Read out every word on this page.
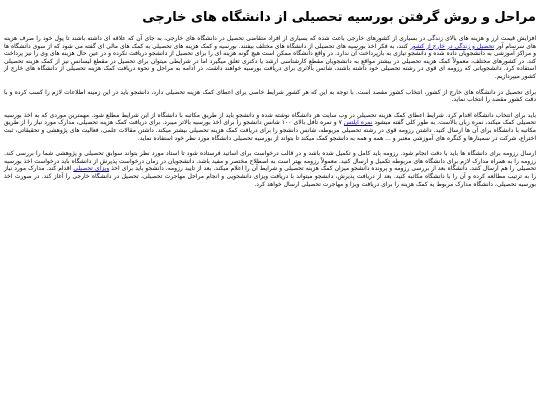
مراحل و روش گرفتن بورسیه تحصیلی از دانشگاه های خارجی

افزایش قیمت ارز و هزینه های بالای زندگی در بسیاری از کشورهای خارجی باعث شده که بسیاری از افراد متقاضی تحصیل در دانشگاه های خارجی، به جای آن که علاقه ای داشته باشند تا پول خود را صرف هزینه های سرسام آور تحصیل و زندگی در خارج از کشور کنند، به فکر اخذ بورسیه های تحصیلی از دانشگاه های مختلف بیفتند. بورسیه و کمک هزینه های تحصیلی به کمک های مالی ای گفته می شود که از سوی دانشگاه ها و مراکز آموزشی به دانشجویان داده شده و دانشجو نیازی به بازپرداخت آن ندارد. در واقع دانشگاه ممکن است هیچ گونه هزینه ای را برای تحصیل از دانشجو دریافت نکرده و در عین حال هزینه های وی را نیز پرداخت کند. در کشورهای مختلف، معمولاً کمک هزینه تحصیلی در بیشتر مواقع به دانشجویان مقطع کارشناسی ارشد یا دکتری تعلق میگیرد اما در شرایطی میتوان برای تحصیل در مقطع لیسانس نیز از کمک هزینه تحصیلی استفاده کرد. دانشجویانی که رزومه ای قوی در رشته تحصیلی خود داشته باشند، شانس بالاتری برای دریافت بورسیه خواهند داشت. در ادامه به مراحل و نحوه دریافت کمک هزینه تحصیلی از دانشگاه های خارج از کشور میپردازیم.

برای تحصیل در دانشگاه های خارج از کشور، انتخاب کشور مقصد است. با توجه به این که هر کشور شرایط خاصی برای اعطای کمک هزینه تحصیلی دارد، دانشجو باید در این زمینه اطلاعات لازم را کسب کرده و با دقت کشور مقصد را انتخاب نماید.

باید برای انتخاب دانشگاه اقدام کرد. شرایط اعطای کمک هزینه تحصیلی در وب سایت هر دانشگاه نوشته شده و دانشجو باید از طریق مکاتبه با دانشگاه از این شرایط مطلع شود. مهمترین موردی که به اخذ بورسیه تحصیلی کمک میکند، نمره زبان بالاست. به طور کلی گفته میشود نمره آیلتس ۷ و نمره تافل بالای ۱۰۰ شانس دانشجو را برای اخذ بورسیه بالاتر میبرد. برای دریافت کمک هزینه تحصیلی، مدارک مورد نیاز را از طریق مکاتبه با دانشگاه برای آن ها ارسال کنید. داشتن رزومه قوی در رشته تحصیلی مربوطه، شانس دانشجو را برای دریافت کمک هزینه تحصیلی بیشتر میکند. داشتن مقالات علمی، فعالیت های پژوهشی و تحقیقاتی، ثبت اختراع، شرکت در سمینارها و کنگره های آموزشی معتبر و ... همه و همه به دانشجو کمک میکند تا بتواند از بورسیه تحصیلی دانشگاه مورد نظر خود استفاده نماید.

ارسال رزومه برای دانشگاه ها باید با دقت انجام شود. رزومه باید کامل و تکمیل شده باشد و در قالب درخواست برای اساتید فرستاده شود تا استاد مورد نظر بتواند سوابق تحصیلی و پژوهشی شما را بررسی کند. رزومه را به همراه مدارک لازم برای دانشگاه های مربوطه تکمیل و ارسال کنید. معمولاً رزومه بهتر است به اصطلاح مختصر و مفید باشد. دانشجویان در زمان درخواست پذیرش از دانشگاه باید درخواست اخذ بورسیه تحصیلی را هم ارسال کنند. دانشگاه بعد از بررسی رزومه و پرونده دانشجو میزان کمک هزینه تحصیلی و شرایط آن را اعلام میکند. بعد از تایید رزومه، دانشجو باید برای اخذ ویزای تحصیلی اقدام کند. مدارک مورد نیاز را به ترتیب مطالعه کرده و آن را با دانشگاه مکاتبه کنید. بعد از دریافت پذیرش، دانشجو میتواند با دریافت ویزای دانشجویی و انجام مراحل مهاجرت تحصیلی، تحصیل در دانشگاه خارجی را آغاز کند. در صورت اخذ بورسیه تحصیلی، دانشگاه مدارک مربوط به کمک هزینه را برای دریافت ویزا و مهاجرت تحصیلی ارسال خواهد کرد.
